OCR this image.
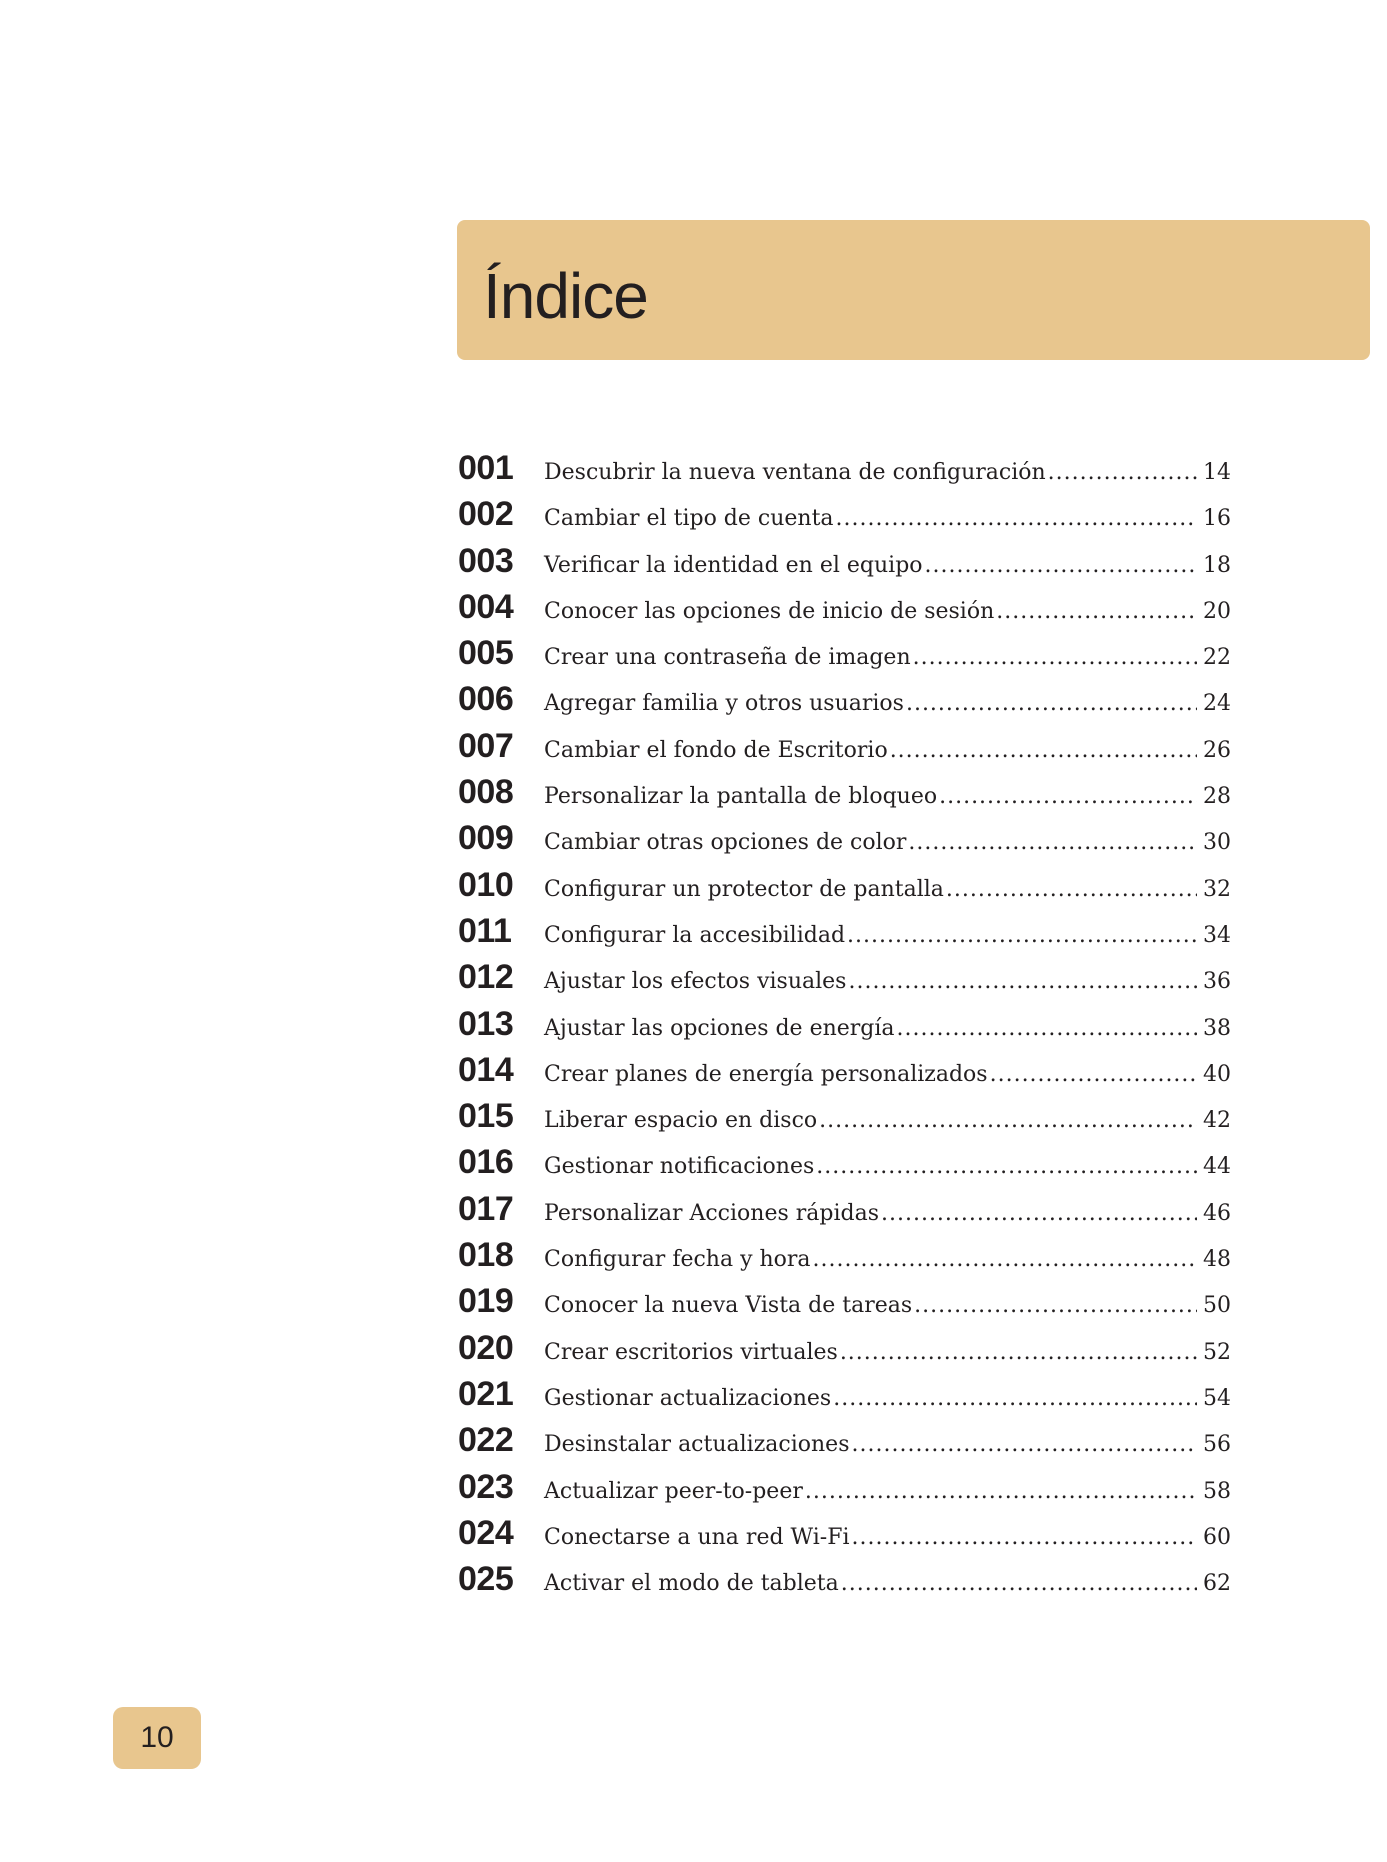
Índice
001	Descubrir la nueva ventana de configuración .....	14
002	Cambiar el tipo de cuenta .....	16
003	Verificar la identidad en el equipo .....	18
004	Conocer las opciones de inicio de sesión .....	20
005	Crear una contraseña de imagen .....	22
006	Agregar familia y otros usuarios .....	24
007	Cambiar el fondo de Escritorio .....	26
008	Personalizar la pantalla de bloqueo .....	28
009	Cambiar otras opciones de color .....	30
010	Configurar un protector de pantalla .....	32
011	Configurar la accesibilidad .....	34
012	Ajustar los efectos visuales .....	36
013	Ajustar las opciones de energía .....	38
014	Crear planes de energía personalizados .....	40
015	Liberar espacio en disco .....	42
016	Gestionar notificaciones .....	44
017	Personalizar Acciones rápidas .....	46
018	Configurar fecha y hora .....	48
019	Conocer la nueva Vista de tareas .....	50
020	Crear escritorios virtuales .....	52
021	Gestionar actualizaciones .....	54
022	Desinstalar actualizaciones .....	56
023	Actualizar peer-to-peer .....	58
024	Conectarse a una red Wi-Fi .....	60
025	Activar el modo de tableta .....	62
10
